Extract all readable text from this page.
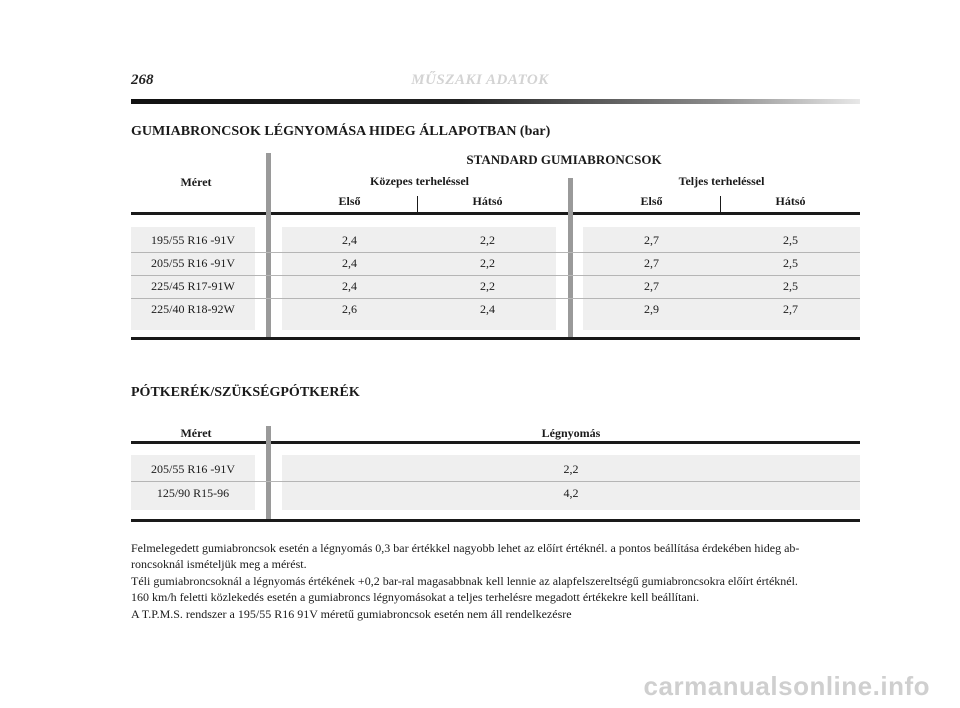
268	MŰSZAKI ADATOK
GUMIABRONCSOK LÉGNYOMÁSA HIDEG ÁLLAPOTBAN (bar)
Méret
STANDARD GUMIABRONCSOK
Közepes terheléssel	Teljes terheléssel
Első	Hátsó	Első	Hátsó
195/55 R16 -91V	2,4	2,2	2,7	2,5
205/55 R16 -91V	2,4	2,2	2,7	2,5
225/45 R17-91W	2,4	2,2	2,7	2,5
225/40 R18-92W	2,6	2,4	2,9	2,7
PÓTKERÉK/SZÜKSÉGPÓTKERÉK
Méret	Légnyomás
205/55 R16 -91V	2,2
125/90 R15-96	4,2

Felmelegedett gumiabroncsok esetén a légnyomás 0,3 bar értékkel nagyobb lehet az előírt értéknél. a pontos beállítása érdekében hideg ab-

roncsoknál ismételjük meg a mérést.

Téli gumiabroncsoknál a légnyomás értékének +0,2 bar-ral magasabbnak kell lennie az alapfelszereltségű gumiabroncsokra előírt értéknél.

160 km/h feletti közlekedés esetén a gumiabroncs légnyomásokat a teljes terhelésre megadott értékekre kell beállítani.

A T.P.M.S. rendszer a 195/55 R16 91V méretű gumiabroncsok esetén nem áll rendelkezésre

carmanualsonline.info
